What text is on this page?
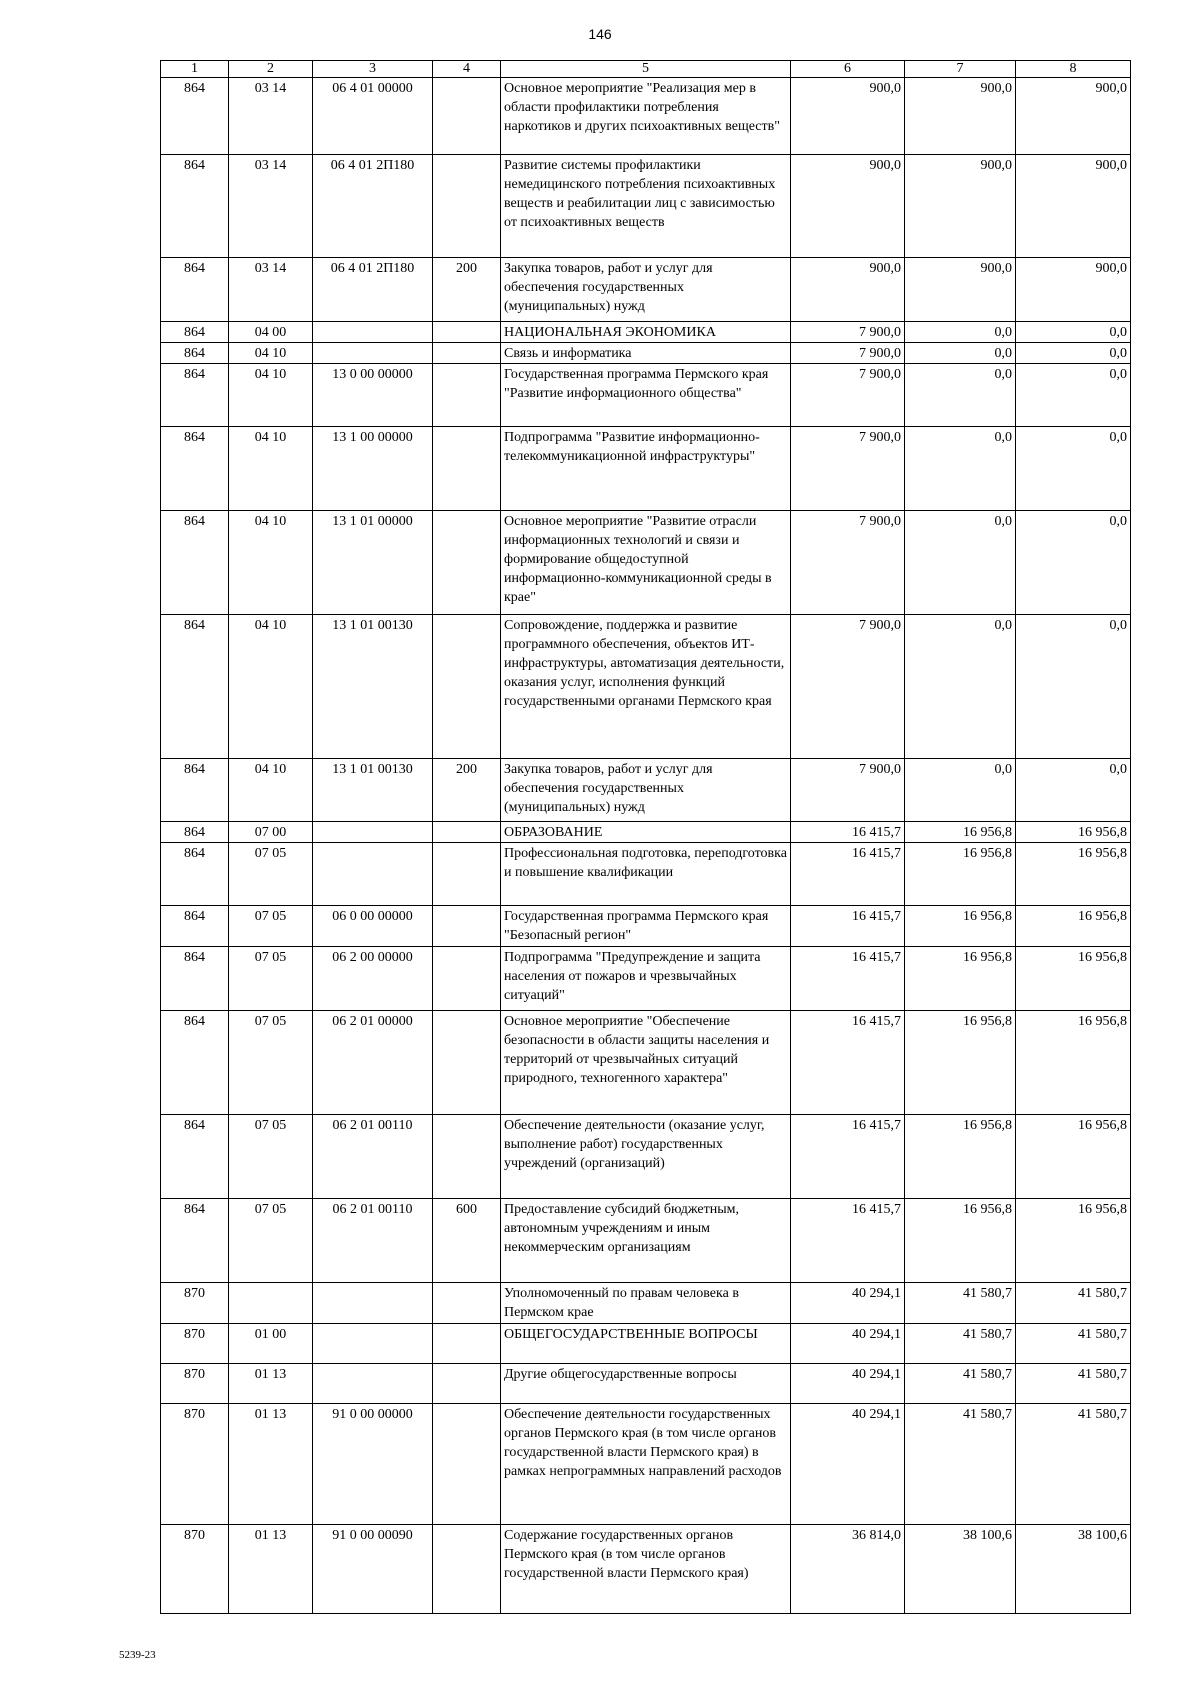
146
1	2	3	4	5	6	7	8
864	03 14	06 4 01 00000		Основное мероприятие "Реализация мер в области профилактики потребления наркотиков и других психоактивных веществ"	900,0	900,0	900,0
864	03 14	06 4 01 2П180		Развитие системы профилактики немедицинского потребления психоактивных веществ и реабилитации лиц с зависимостью от психоактивных веществ	900,0	900,0	900,0
864	03 14	06 4 01 2П180	200	Закупка товаров, работ и услуг для обеспечения государственных (муниципальных) нужд	900,0	900,0	900,0
864	04 00			НАЦИОНАЛЬНАЯ ЭКОНОМИКА	7 900,0	0,0	0,0
864	04 10			Связь и информатика	7 900,0	0,0	0,0
864	04 10	13 0 00 00000		Государственная программа Пермского края "Развитие информационного общества"	7 900,0	0,0	0,0
864	04 10	13 1 00 00000		Подпрограмма "Развитие информационно-телекоммуникационной инфраструктуры"	7 900,0	0,0	0,0
864	04 10	13 1 01 00000		Основное мероприятие "Развитие отрасли информационных технологий и связи и формирование общедоступной информационно-коммуникационной среды в крае"	7 900,0	0,0	0,0
864	04 10	13 1 01 00130		Сопровождение, поддержка и развитие программного обеспечения, объектов ИТ-инфраструктуры, автоматизация деятельности, оказания услуг, исполнения функций государственными органами Пермского края	7 900,0	0,0	0,0
864	04 10	13 1 01 00130	200	Закупка товаров, работ и услуг для обеспечения государственных (муниципальных) нужд	7 900,0	0,0	0,0
864	07 00			ОБРАЗОВАНИЕ	16 415,7	16 956,8	16 956,8
864	07 05			Профессиональная подготовка, переподготовка и повышение квалификации	16 415,7	16 956,8	16 956,8
864	07 05	06 0 00 00000		Государственная программа Пермского края "Безопасный регион"	16 415,7	16 956,8	16 956,8
864	07 05	06 2 00 00000		Подпрограмма "Предупреждение и защита населения от пожаров и чрезвычайных ситуаций"	16 415,7	16 956,8	16 956,8
864	07 05	06 2 01 00000		Основное мероприятие "Обеспечение безопасности в области защиты населения и территорий от чрезвычайных ситуаций природного, техногенного характера"	16 415,7	16 956,8	16 956,8
864	07 05	06 2 01 00110		Обеспечение деятельности (оказание услуг, выполнение работ) государственных учреждений (организаций)	16 415,7	16 956,8	16 956,8
864	07 05	06 2 01 00110	600	Предоставление субсидий бюджетным, автономным учреждениям и иным некоммерческим организациям	16 415,7	16 956,8	16 956,8
870				Уполномоченный по правам человека в Пермском крае	40 294,1	41 580,7	41 580,7
870	01 00			ОБЩЕГОСУДАРСТВЕННЫЕ ВОПРОСЫ	40 294,1	41 580,7	41 580,7
870	01 13			Другие общегосударственные вопросы	40 294,1	41 580,7	41 580,7
870	01 13	91 0 00 00000		Обеспечение деятельности государственных органов Пермского края (в том числе органов государственной власти Пермского края) в рамках непрограммных направлений расходов	40 294,1	41 580,7	41 580,7
870	01 13	91 0 00 00090		Содержание государственных органов Пермского края (в том числе органов государственной власти Пермского края)	36 814,0	38 100,6	38 100,6
5239-23
